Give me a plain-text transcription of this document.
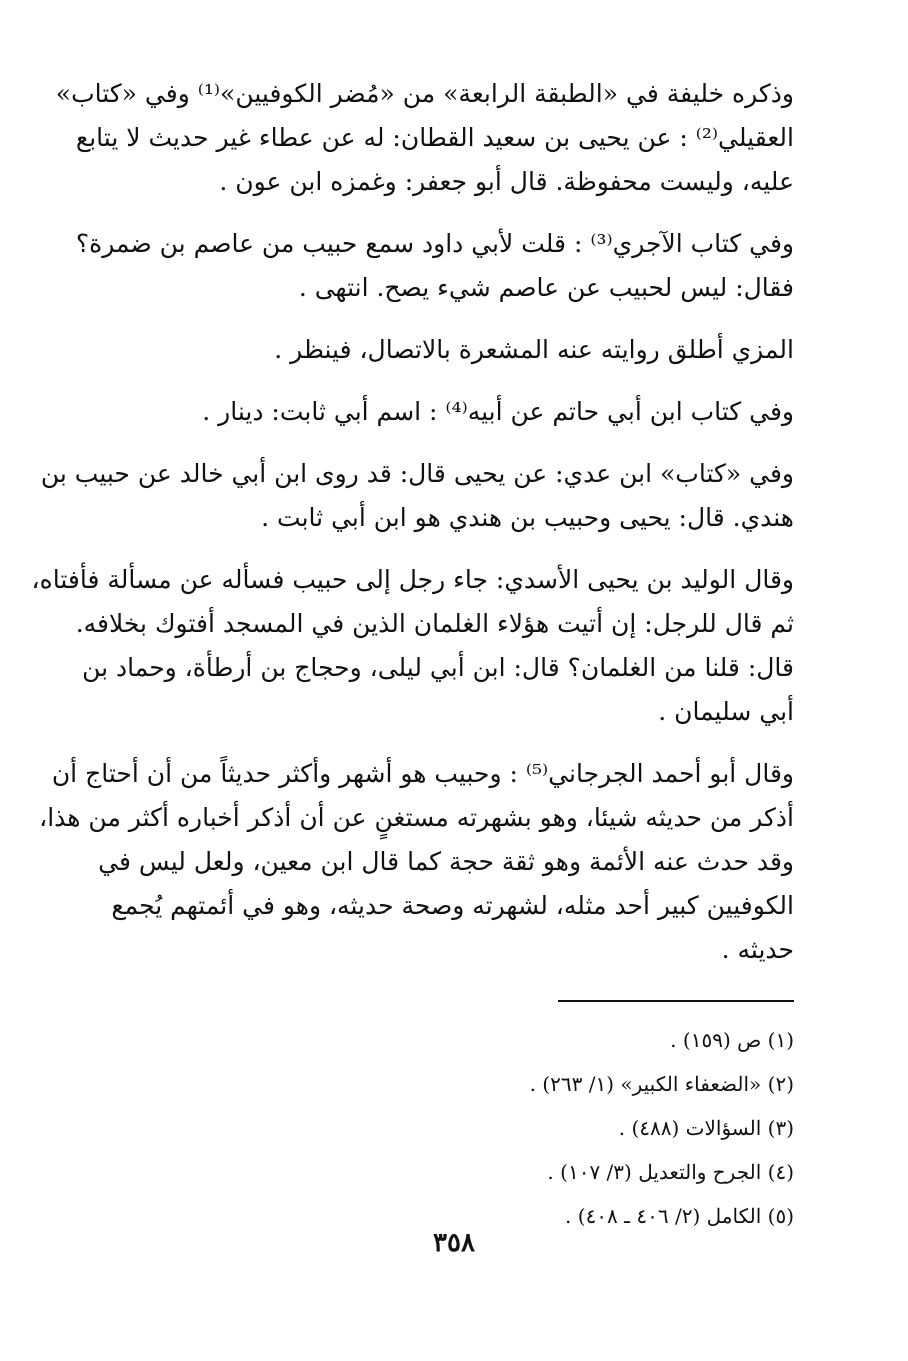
وذكره خليفة في «الطبقة الرابعة» من «مُضر الكوفيين»⁽¹⁾ وفي «كتاب»
العقيلي⁽²⁾ : عن يحيى بن سعيد القطان: له عن عطاء غير حديث لا يتابع
عليه، وليست محفوظة. قال أبو جعفر: وغمزه ابن عون .
وفي كتاب الآجري⁽³⁾ : قلت لأبي داود سمع حبيب من عاصم بن ضمرة؟
فقال: ليس لحبيب عن عاصم شيء يصح. انتهى .
المزي أطلق روايته عنه المشعرة بالاتصال، فينظر .
وفي كتاب ابن أبي حاتم عن أبيه⁽⁴⁾ : اسم أبي ثابت: دينار .
وفي «كتاب» ابن عدي: عن يحيى قال: قد روى ابن أبي خالد عن حبيب بن
هندي. قال: يحيى وحبيب بن هندي هو ابن أبي ثابت .
وقال الوليد بن يحيى الأسدي: جاء رجل إلى حبيب فسأله عن مسألة فأفتاه،
ثم قال للرجل: إن أتيت هؤلاء الغلمان الذين في المسجد أفتوك بخلافه.
قال: قلنا من الغلمان؟ قال: ابن أبي ليلى، وحجاج بن أرطأة، وحماد بن
أبي سليمان .
وقال أبو أحمد الجرجاني⁽⁵⁾ : وحبيب هو أشهر وأكثر حديثاً من أن أحتاج أن
أذكر من حديثه شيئا، وهو بشهرته مستغنٍ عن أن أذكر أخباره أكثر من هذا،
وقد حدث عنه الأئمة وهو ثقة حجة كما قال ابن معين، ولعل ليس في
الكوفيين كبير أحد مثله، لشهرته وصحة حديثه، وهو في أئمتهم يُجمع
حديثه .
(١) ص (١٥٩) .
(٢) «الضعفاء الكبير» (١/ ٢٦٣) .
(٣) السؤالات (٤٨٨) .
(٤) الجرح والتعديل (٣/ ١٠٧) .
(٥) الكامل (٢/ ٤٠٦ ـ ٤٠٨) .
٣٥٨
